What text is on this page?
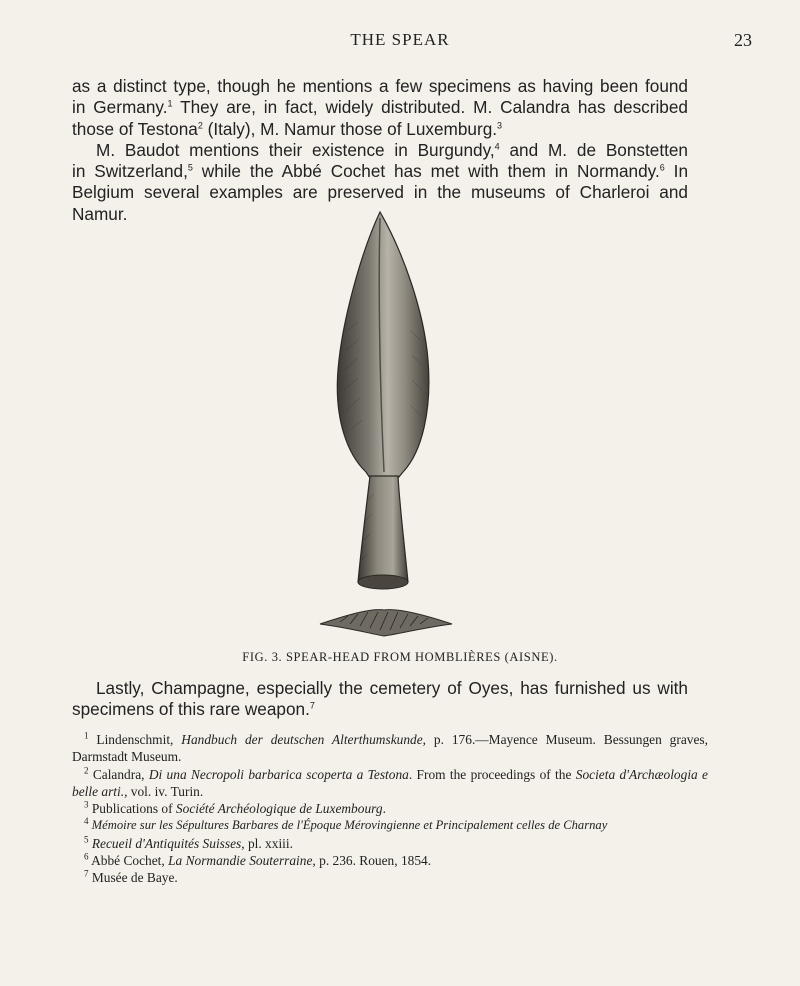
THE SPEAR	23

as a distinct type, though he mentions a few specimens as having been found

in Germany.$^1$ They are, in fact, widely distributed. M. Calandra has described

those of Testona$^2$ (Italy), M. Namur those of Luxemburg.$^3$

M. Baudot mentions their existence in Burgundy,$^4$ and M. de Bonstetten

in Switzerland,$^5$ while the Abbé Cochet has met with them in Normandy.$^6$ In

Belgium several examples are preserved in the museums of Charleroi and Namur.

FIG. 3. SPEAR-HEAD FROM HOMBLIÈRES (AISNE).

Lastly, Champagne, especially the cemetery of Oyes, has furnished us with

specimens of this rare weapon.$^7$

$^1$ Lindenschmit, Handbuch der deutschen Alterthumskunde, p. 176.—Mayence Museum. Bessungen graves, Darmstadt Museum.

$^2$ Calandra, Di una Necropoli barbarica scoperta a Testona. From the proceedings of the Societa d'Archæologia e belle arti., vol. iv. Turin.

$^3$ Publications of Société Archéologique de Luxembourg.

$^4$ Mémoire sur les Sépultures Barbares de l'Époque Mérovingienne et Principalement celles de Charnay

$^5$ Recueil d'Antiquités Suisses, pl. xxiii.

$^6$ Abbé Cochet, La Normandie Souterraine, p. 236. Rouen, 1854.

$^7$ Musée de Baye.
